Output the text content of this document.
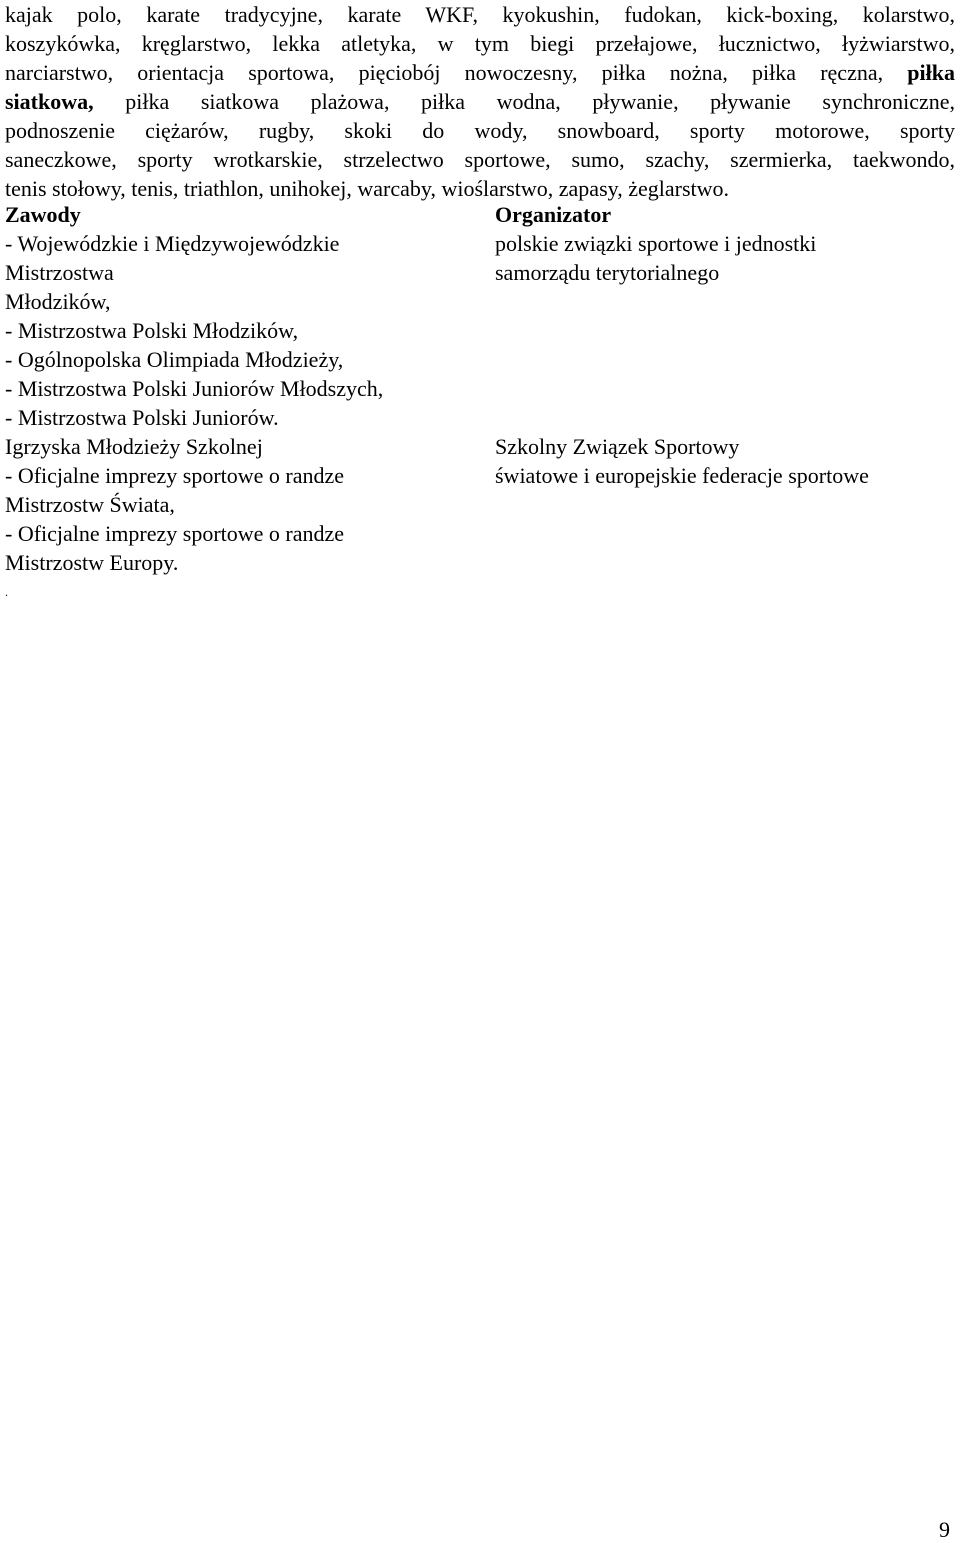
kajak polo, karate tradycyjne, karate WKF, kyokushin, fudokan, kick-boxing, kolarstwo,
koszykówka, kręglarstwo, lekka atletyka, w tym biegi przełajowe, łucznictwo, łyżwiarstwo,
narciarstwo, orientacja sportowa, pięciobój nowoczesny, piłka nożna, piłka ręczna, piłka
siatkowa, piłka siatkowa plażowa, piłka wodna, pływanie, pływanie synchroniczne,
podnoszenie ciężarów, rugby, skoki do wody, snowboard, sporty motorowe, sporty
saneczkowe, sporty wrotkarskie, strzelectwo sportowe, sumo, szachy, szermierka, taekwondo,
tenis stołowy, tenis, triathlon, unihokej, warcaby, wioślarstwo, zapasy, żeglarstwo.
Zawody
- Wojewódzkie i Międzywojewódzkie
Mistrzostwa
Młodzików,
- Mistrzostwa Polski Młodzików,
- Ogólnopolska Olimpiada Młodzieży,
- Mistrzostwa Polski Juniorów Młodszych,
- Mistrzostwa Polski Juniorów.
Igrzyska Młodzieży Szkolnej
- Oficjalne imprezy sportowe o randze
Mistrzostw Świata,
- Oficjalne imprezy sportowe o randze
Mistrzostw Europy.
Organizator
polskie związki sportowe i jednostki
samorządu terytorialnego
Szkolny Związek Sportowy
światowe i europejskie federacje sportowe
.
9
